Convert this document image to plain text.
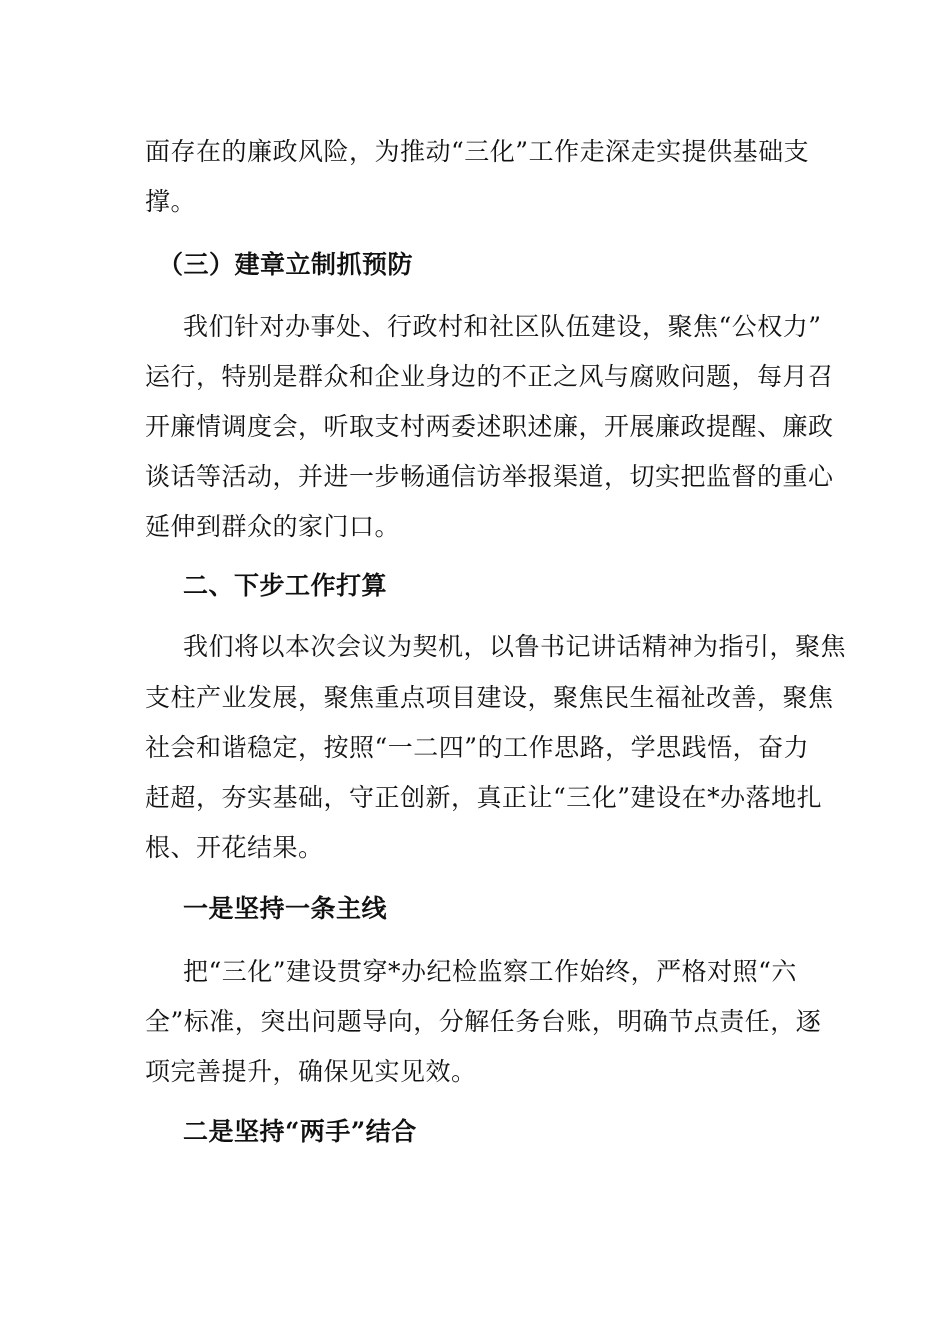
面存在的廉政风险，为推动“三化”工作走深走实提供基础支
撑。
（三）建章立制抓预防
我们针对办事处、行政村和社区队伍建设，聚焦“公权力”
运行，特别是群众和企业身边的不正之风与腐败问题，每月召
开廉情调度会，听取支村两委述职述廉，开展廉政提醒、廉政
谈话等活动，并进一步畅通信访举报渠道，切实把监督的重心
延伸到群众的家门口。
二、下步工作打算
我们将以本次会议为契机，以鲁书记讲话精神为指引，聚焦
支柱产业发展，聚焦重点项目建设，聚焦民生福祉改善，聚焦
社会和谐稳定，按照“一二四”的工作思路，学思践悟，奋力
赶超，夯实基础，守正创新，真正让“三化”建设在*办落地扎
根、开花结果。
一是坚持一条主线
把“三化”建设贯穿*办纪检监察工作始终，严格对照“六
全”标准，突出问题导向，分解任务台账，明确节点责任，逐
项完善提升，确保见实见效。
二是坚持“两手”结合
